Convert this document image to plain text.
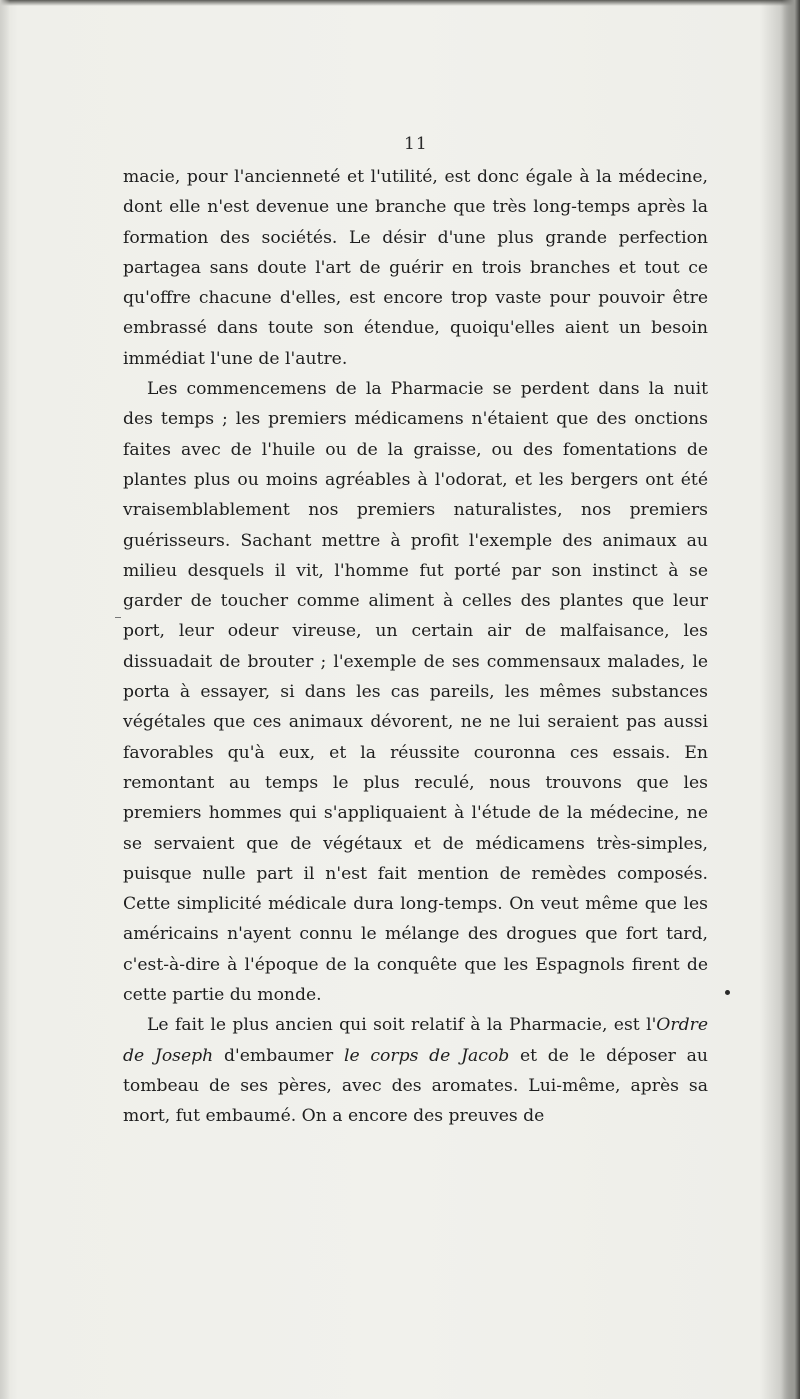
11

macie, pour l'ancienneté et l'utilité, est donc égale à la médecine, dont elle n'est devenue une branche que très long-temps après la formation des sociétés. Le désir d'une plus grande perfection partagea sans doute l'art de guérir en trois branches et tout ce qu'offre chacune d'elles, est encore trop vaste pour pouvoir être embrassé dans toute son étendue, quoiqu'elles aient un besoin immédiat l'une de l'autre.

Les commencemens de la Pharmacie se perdent dans la nuit des temps ; les premiers médicamens n'étaient que des onctions faites avec de l'huile ou de la graisse, ou des fomentations de plantes plus ou moins agréables à l'odorat, et les bergers ont été vraisemblablement nos premiers naturalistes, nos premiers guérisseurs. Sachant mettre à profit l'exemple des animaux au milieu desquels il vit, l'homme fut porté par son instinct à se garder de toucher comme aliment à celles des plantes que leur port, leur odeur vireuse, un certain air de malfaisance, les dissuadait de brouter ; l'exemple de ses commensaux malades, le porta à essayer, si dans les cas pareils, les mêmes substances végétales que ces animaux dévorent, ne ne lui seraient pas aussi favorables qu'à eux, et la réussite couronna ces essais. En remontant au temps le plus reculé, nous trouvons que les premiers hommes qui s'appliquaient à l'étude de la médecine, ne se servaient que de végétaux et de médicamens très-simples, puisque nulle part il n'est fait mention de remèdes composés. Cette simplicité médicale dura long-temps. On veut même que les américains n'ayent connu le mélange des drogues que fort tard, c'est-à-dire à l'époque de la conquête que les Espagnols firent de cette partie du monde.

Le fait le plus ancien qui soit relatif à la Pharmacie, est l'Ordre de Joseph d'embaumer le corps de Jacob et de le déposer au tombeau de ses pères, avec des aromates. Lui-même, après sa mort, fut embaumé. On a encore des preuves de
